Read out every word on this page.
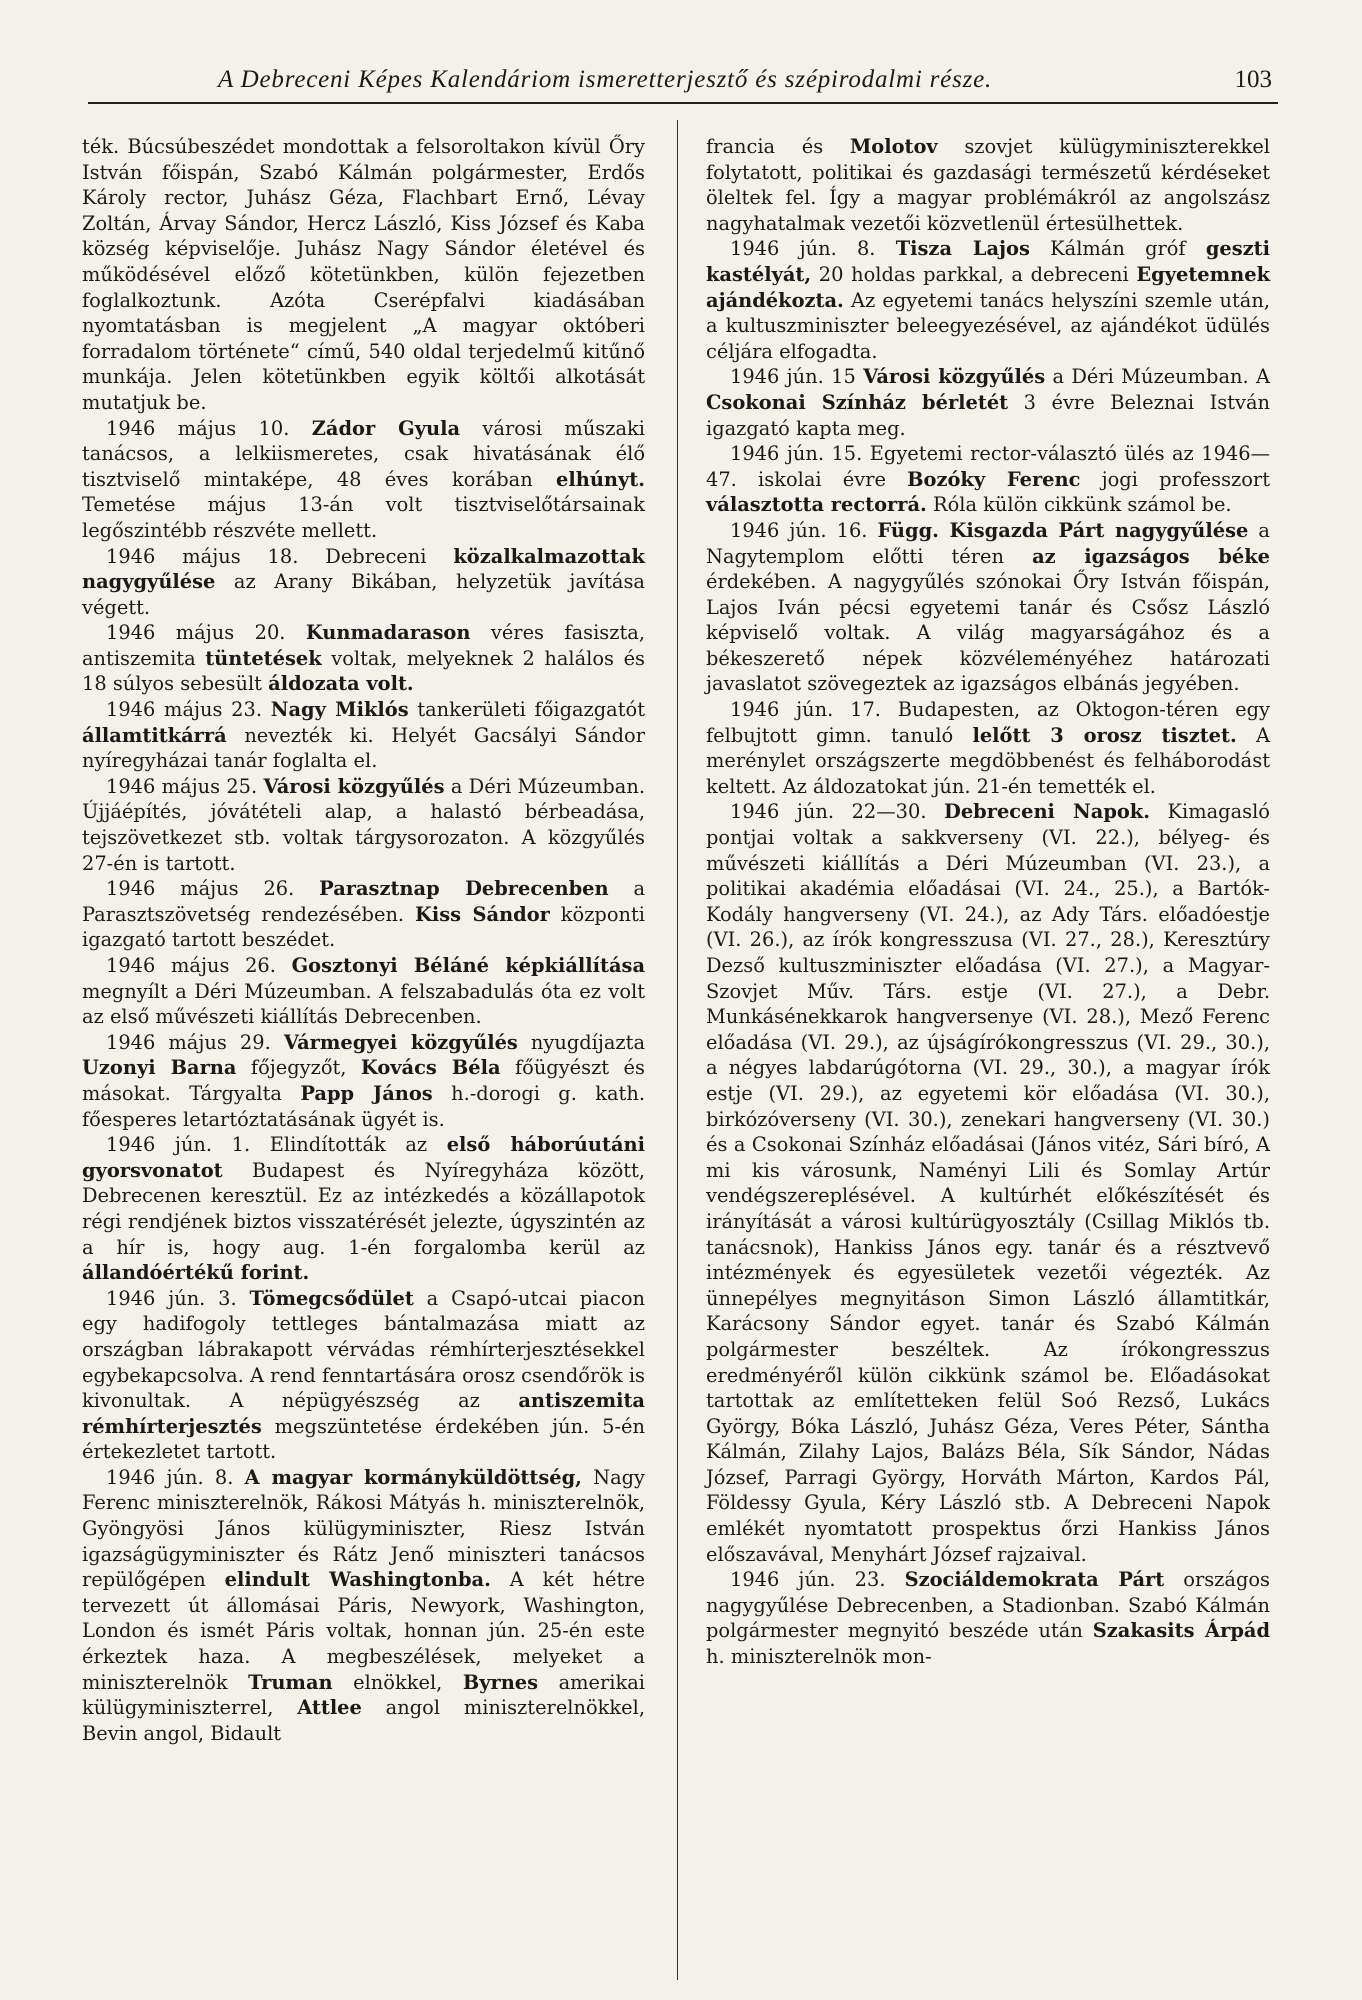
A Debreceni Képes Kalendáriom ismeretterjesztő és szépirodalmi része.	103

ték. Búcsúbeszédet mondottak a felsoroltakon kívül Őry István főispán, Szabó Kálmán polgármester, Erdős Károly rector, Juhász Géza, Flachbart Ernő, Lévay Zoltán, Árvay Sándor, Hercz László, Kiss József és Kaba község képviselője. Juhász Nagy Sándor életével és működésével előző kötetünkben, külön fejezetben foglalkoztunk. Azóta Cserépfalvi kiadásában nyomtatásban is megjelent „A magyar októberi forradalom története“ című, 540 oldal terjedelmű kitűnő munkája. Jelen kötetünkben egyik költői alkotását mutatjuk be.

1946 május 10. Zádor Gyula városi műszaki tanácsos, a lelkiismeretes, csak hivatásának élő tisztviselő mintaképe, 48 éves korában elhúnyt. Temetése május 13-án volt tisztviselőtársainak legőszintébb részvéte mellett.

1946 május 18. Debreceni közalkalmazottak nagygyűlése az Arany Bikában, helyzetük javítása végett.

1946 május 20. Kunmadarason véres fasiszta, antiszemita tüntetések voltak, melyeknek 2 halálos és 18 súlyos sebesült áldozata volt.

1946 május 23. Nagy Miklós tankerületi főigazgatót államtitkárrá nevezték ki. Helyét Gacsályi Sándor nyíregyházai tanár foglalta el.

1946 május 25. Városi közgyűlés a Déri Múzeumban. Újjáépítés, jóvátételi alap, a halastó bérbeadása, tejszövetkezet stb. voltak tárgysorozaton. A közgyűlés 27-én is tartott.

1946 május 26. Parasztnap Debrecenben a Parasztszövetség rendezésében. Kiss Sándor központi igazgató tartott beszédet.

1946 május 26. Gosztonyi Béláné képkiállítása megnyílt a Déri Múzeumban. A felszabadulás óta ez volt az első művészeti kiállítás Debrecenben.

1946 május 29. Vármegyei közgyűlés nyugdíjazta Uzonyi Barna főjegyzőt, Kovács Béla főügyészt és másokat. Tárgyalta Papp János h.-dorogi g. kath. főesperes letartóztatásának ügyét is.

1946 jún. 1. Elindították az első háborúutáni gyorsvonatot Budapest és Nyíregyháza között, Debrecenen keresztül. Ez az intézkedés a közállapotok régi rendjének biztos visszatérését jelezte, úgyszintén az a hír is, hogy aug. 1-én forgalomba kerül az állandóértékű forint.

1946 jún. 3. Tömegcsődület a Csapó-utcai piacon egy hadifogoly tettleges bántalmazása miatt az országban lábrakapott vérvádas rémhírterjesztésekkel egybekapcsolva. A rend fenntartására orosz csendőrök is kivonultak. A népügyészség az antiszemita rémhírterjesztés megszüntetése érdekében jún. 5-én értekezletet tartott.

1946 jún. 8. A magyar kormányküldöttség, Nagy Ferenc miniszterelnök, Rákosi Mátyás h. miniszterelnök, Gyöngyösi János külügyminiszter, Riesz István igazságügyminiszter és Rátz Jenő miniszteri tanácsos repülőgépen elindult Washingtonba. A két hétre tervezett út állomásai Páris, Newyork, Washington, London és ismét Páris voltak, honnan jún. 25-én este érkeztek haza. A megbeszélések, melyeket a miniszterelnök Truman elnökkel, Byrnes amerikai külügyminiszterrel, Attlee angol miniszterelnökkel, Bevin angol, Bidault

francia és Molotov szovjet külügyminiszterekkel folytatott, politikai és gazdasági természetű kérdéseket öleltek fel. Így a magyar problémákról az angolszász nagyhatalmak vezetői közvetlenül értesülhettek.

1946 jún. 8. Tisza Lajos Kálmán gróf geszti kastélyát, 20 holdas parkkal, a debreceni Egyetemnek ajándékozta. Az egyetemi tanács helyszíni szemle után, a kultuszminiszter beleegyezésével, az ajándékot üdülés céljára elfogadta.

1946 jún. 15 Városi közgyűlés a Déri Múzeumban. A Csokonai Színház bérletét 3 évre Beleznai István igazgató kapta meg.

1946 jún. 15. Egyetemi rector-választó ülés az 1946—47. iskolai évre Bozóky Ferenc jogi professzort választotta rectorrá. Róla külön cikkünk számol be.

1946 jún. 16. Függ. Kisgazda Párt nagygyűlése a Nagytemplom előtti téren az igazságos béke érdekében. A nagygyűlés szónokai Őry István főispán, Lajos Iván pécsi egyetemi tanár és Csősz László képviselő voltak. A világ magyarságához és a békeszerető népek közvéleményéhez határozati javaslatot szövegeztek az igazságos elbánás jegyében.

1946 jún. 17. Budapesten, az Oktogon-téren egy felbujtott gimn. tanuló lelőtt 3 orosz tisztet. A merénylet országszerte megdöbbenést és felháborodást keltett. Az áldozatokat jún. 21-én temették el.

1946 jún. 22—30. Debreceni Napok. Kimagasló pontjai voltak a sakkverseny (VI. 22.), bélyeg- és művészeti kiállítás a Déri Múzeumban (VI. 23.), a politikai akadémia előadásai (VI. 24., 25.), a Bartók-Kodály hangverseny (VI. 24.), az Ady Társ. előadóestje (VI. 26.), az írók kongresszusa (VI. 27., 28.), Keresztúry Dezső kultuszminiszter előadása (VI. 27.), a Magyar-Szovjet Műv. Társ. estje (VI. 27.), a Debr. Munkásénekkarok hangversenye (VI. 28.), Mező Ferenc előadása (VI. 29.), az újságírókongresszus (VI. 29., 30.), a négyes labdarúgótorna (VI. 29., 30.), a magyar írók estje (VI. 29.), az egyetemi kör előadása (VI. 30.), birkózóverseny (VI. 30.), zenekari hangverseny (VI. 30.) és a Csokonai Színház előadásai (János vitéz, Sári bíró, A mi kis városunk, Naményi Lili és Somlay Artúr vendégszereplésével. A kultúrhét előkészítését és irányítását a városi kultúrügyosztály (Csillag Miklós tb. tanácsnok), Hankiss János egy. tanár és a résztvevő intézmények és egyesületek vezetői végezték. Az ünnepélyes megnyitáson Simon László államtitkár, Karácsony Sándor egyet. tanár és Szabó Kálmán polgármester beszéltek. Az írókongresszus eredményéről külön cikkünk számol be. Előadásokat tartottak az említetteken felül Soó Rezső, Lukács György, Bóka László, Juhász Géza, Veres Péter, Sántha Kálmán, Zilahy Lajos, Balázs Béla, Sík Sándor, Nádas József, Parragi György, Horváth Márton, Kardos Pál, Földessy Gyula, Kéry László stb. A Debreceni Napok emlékét nyomtatott prospektus őrzi Hankiss János előszavával, Menyhárt József rajzaival.

1946 jún. 23. Szociáldemokrata Párt országos nagygyűlése Debrecenben, a Stadionban. Szabó Kálmán polgármester megnyitó beszéde után Szakasits Árpád h. miniszterelnök mon-
